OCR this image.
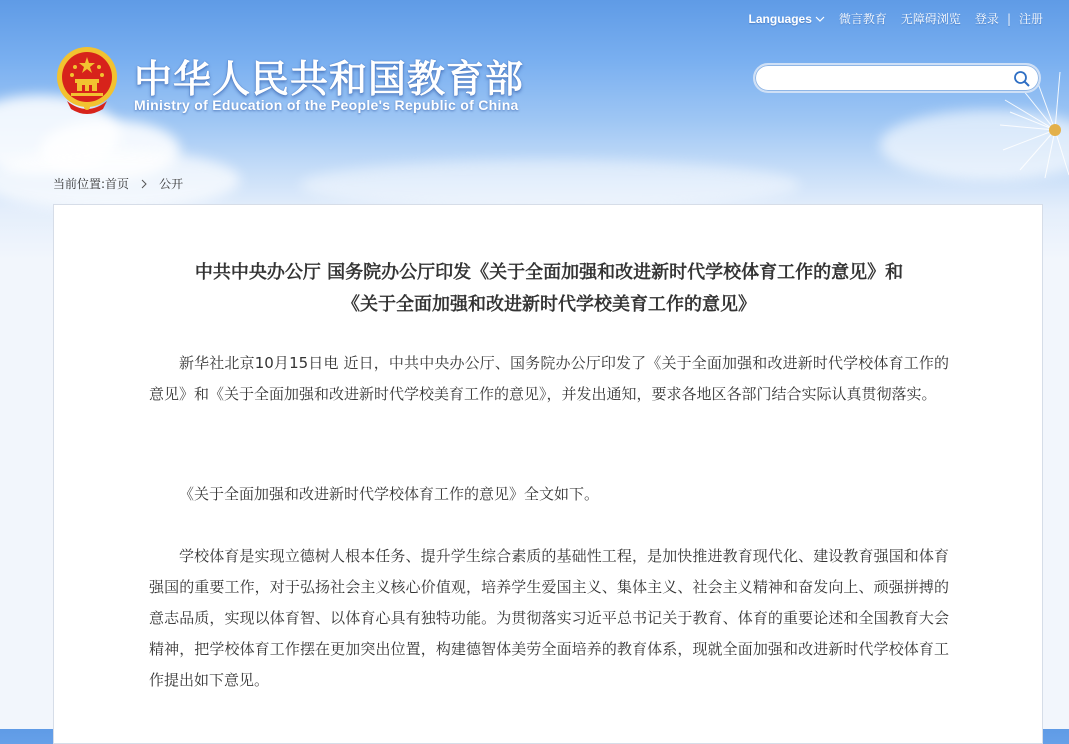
中华人民共和国教育部
Ministry of Education of the People's Republic of China
Languages 微言教育 无障碍浏览 登录 | 注册
当前位置: 首页	公开
中共中央办公厅 国务院办公厅印发《关于全面加强和改进新时代学校体育工作的意见》和
《关于全面加强和改进新时代学校美育工作的意见》

新华社北京10月15日电 近日，中共中央办公厅、国务院办公厅印发了《关于全面加强和改进新时代学校体育工作的意见》和《关于全面加强和改进新时代学校美育工作的意见》，并发出通知，要求各地区各部门结合实际认真贯彻落实。

《关于全面加强和改进新时代学校体育工作的意见》全文如下。

学校体育是实现立德树人根本任务、提升学生综合素质的基础性工程，是加快推进教育现代化、建设教育强国和体育强国的重要工作，对于弘扬社会主义核心价值观，培养学生爱国主义、集体主义、社会主义精神和奋发向上、顽强拼搏的意志品质，实现以体育智、以体育心具有独特功能。为贯彻落实习近平总书记关于教育、体育的重要论述和全国教育大会精神，把学校体育工作摆在更加突出位置，构建德智体美劳全面培养的教育体系，现就全面加强和改进新时代学校体育工作提出如下意见。
